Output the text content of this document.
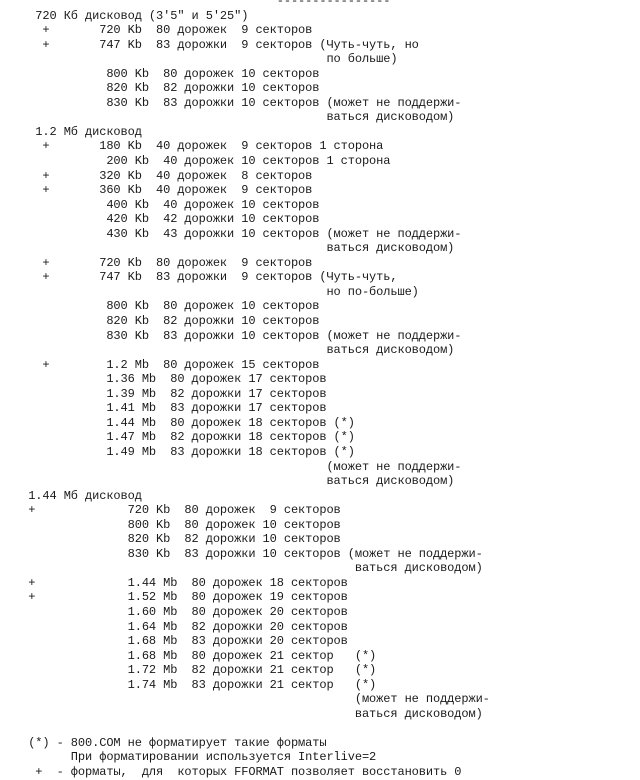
----------------
720 Кб дисковод (3'5" и 5'25")
+       720 Kb  80 дорожек  9 секторов
+       747 Kb  83 дорожки  9 секторов (Чуть-чуть, но
по больше)
800 Kb  80 дорожек 10 секторов
820 Kb  82 дорожки 10 секторов
830 Kb  83 дорожки 10 секторов (может не поддержи-
ваться дисководом)
1.2 Мб дисковод
+       180 Kb  40 дорожек  9 секторов 1 сторона
200 Kb  40 дорожек 10 секторов 1 сторона
+       320 Kb  40 дорожек  8 секторов
+       360 Kb  40 дорожек  9 секторов
400 Kb  40 дорожек 10 секторов
420 Kb  42 дорожки 10 секторов
430 Kb  43 дорожки 10 секторов (может не поддержи-
ваться дисководом)
+       720 Kb  80 дорожек  9 секторов
+       747 Kb  83 дорожки  9 секторов (Чуть-чуть,
но по-больше)
800 Kb  80 дорожек 10 секторов
820 Kb  82 дорожки 10 секторов
830 Kb  83 дорожки 10 секторов (может не поддержи-
ваться дисководом)
+        1.2 Mb  80 дорожек 15 секторов
1.36 Mb  80 дорожек 17 секторов
1.39 Mb  82 дорожки 17 секторов
1.41 Mb  83 дорожки 17 секторов
1.44 Mb  80 дорожек 18 секторов (*)
1.47 Mb  82 дорожки 18 секторов (*)
1.49 Mb  83 дорожки 18 секторов (*)
(может не поддержи-
ваться дисководом)
1.44 Мб дисковод
+             720 Kb  80 дорожек  9 секторов
800 Kb  80 дорожек 10 секторов
820 Kb  82 дорожки 10 секторов
830 Kb  83 дорожки 10 секторов (может не поддержи-
ваться дисководом)
+             1.44 Mb  80 дорожек 18 секторов
+             1.52 Mb  80 дорожек 19 секторов
1.60 Mb  80 дорожек 20 секторов
1.64 Mb  82 дорожки 20 секторов
1.68 Mb  83 дорожки 20 секторов
1.68 Mb  80 дорожек 21 сектор   (*)
1.72 Mb  82 дорожки 21 сектор   (*)
1.74 Mb  83 дорожки 21 сектор   (*)
(может не поддержи-
ваться дисководом)

(*) - 800.COM не форматирует такие форматы
При форматировании используется Interlive=2
+  - форматы,  для  которых FFORMAT позволяет восстановить 0
